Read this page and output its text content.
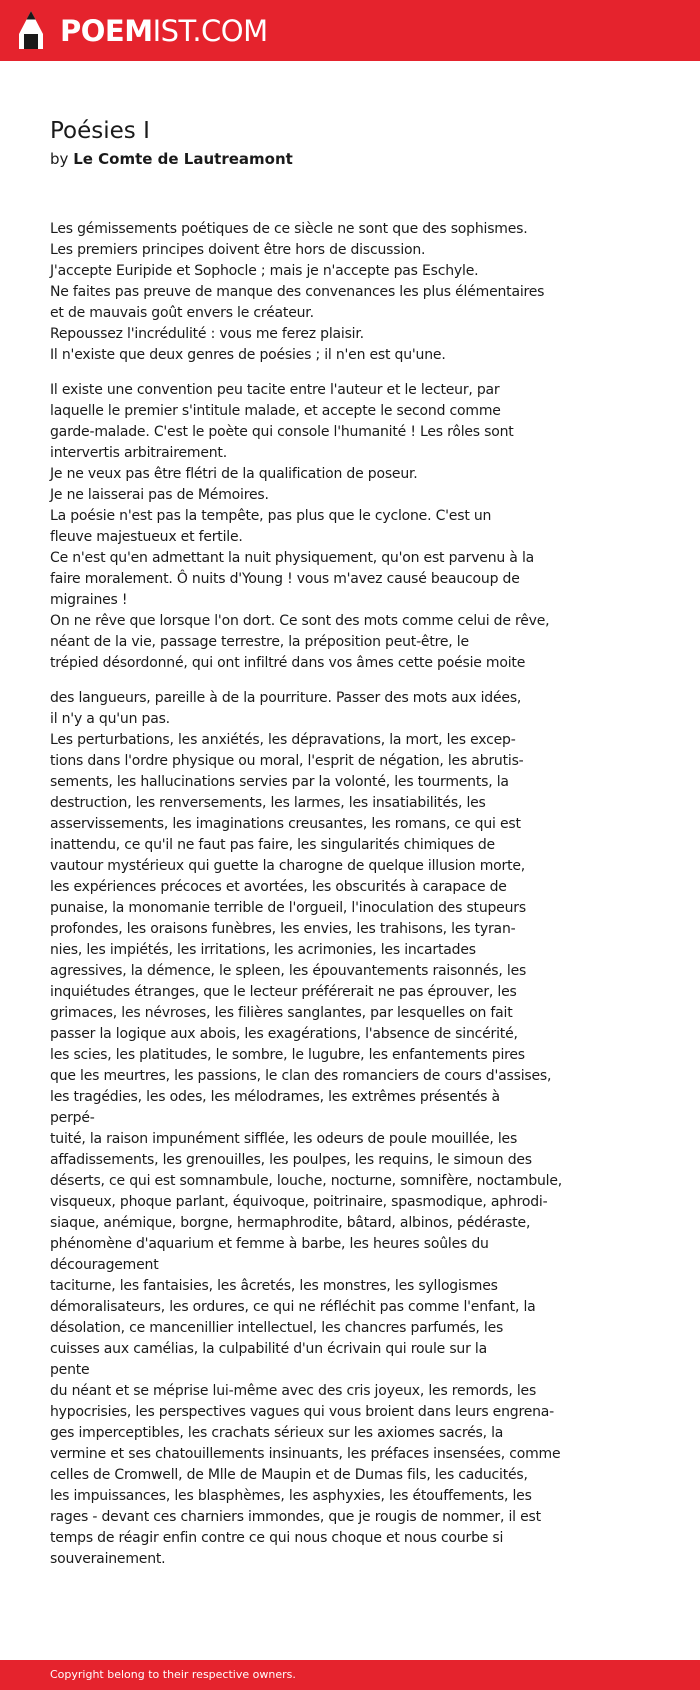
POEMIST.COM
Poésies I
by Le Comte de Lautreamont
Les gémissements poétiques de ce siècle ne sont que des sophismes.
Les premiers principes doivent être hors de discussion.
J'accepte Euripide et Sophocle ; mais je n'accepte pas Eschyle.
Ne faites pas preuve de manque des convenances les plus élémentaires
et de mauvais goût envers le créateur.
Repoussez l'incrédulité : vous me ferez plaisir.
Il n'existe que deux genres de poésies ; il n'en est qu'une.
Il existe une convention peu tacite entre l'auteur et le lecteur, par
laquelle le premier s'intitule malade, et accepte le second comme
garde-malade. C'est le poète qui console l'humanité ! Les rôles sont
intervertis arbitrairement.
Je ne veux pas être flétri de la qualification de poseur.
Je ne laisserai pas de Mémoires.
La poésie n'est pas la tempête, pas plus que le cyclone. C'est un
fleuve majestueux et fertile.
Ce n'est qu'en admettant la nuit physiquement, qu'on est parvenu à la
faire moralement. Ô nuits d'Young ! vous m'avez causé beaucoup de
migraines !
On ne rêve que lorsque l'on dort. Ce sont des mots comme celui de rêve,
néant de la vie, passage terrestre, la préposition peut-être, le
trépied désordonné, qui ont infiltré dans vos âmes cette poésie moite
des langueurs, pareille à de la pourriture. Passer des mots aux idées,
il n'y a qu'un pas.
Les perturbations, les anxiétés, les dépravations, la mort, les excep-
tions dans l'ordre physique ou moral, l'esprit de négation, les abrutis-
sements, les hallucinations servies par la volonté, les tourments, la
destruction, les renversements, les larmes, les insatiabilités, les
asservissements, les imaginations creusantes, les romans, ce qui est
inattendu, ce qu'il ne faut pas faire, les singularités chimiques de
vautour mystérieux qui guette la charogne de quelque illusion morte,
les expériences précoces et avortées, les obscurités à carapace de
punaise, la monomanie terrible de l'orgueil, l'inoculation des stupeurs
profondes, les oraisons funèbres, les envies, les trahisons, les tyran-
nies, les impiétés, les irritations, les acrimonies, les incartades
agressives, la démence, le spleen, les épouvantements raisonnés, les
inquiétudes étranges, que le lecteur préférerait ne pas éprouver, les
grimaces, les névroses, les filières sanglantes, par lesquelles on fait
passer la logique aux abois, les exagérations, l'absence de sincérité,
les scies, les platitudes, le sombre, le lugubre, les enfantements pires
que les meurtres, les passions, le clan des romanciers de cours d'assises,
les tragédies, les odes, les mélodrames, les extrêmes présentés à
perpé-
tuité, la raison impunément sifflée, les odeurs de poule mouillée, les
affadissements, les grenouilles, les poulpes, les requins, le simoun des
déserts, ce qui est somnambule, louche, nocturne, somnifère, noctambule,
visqueux, phoque parlant, équivoque, poitrinaire, spasmodique, aphrodi-
siaque, anémique, borgne, hermaphrodite, bâtard, albinos, pédéraste,
phénomène d'aquarium et femme à barbe, les heures soûles du
découragement
taciturne, les fantaisies, les âcretés, les monstres, les syllogismes
démoralisateurs, les ordures, ce qui ne réfléchit pas comme l'enfant, la
désolation, ce mancenillier intellectuel, les chancres parfumés, les
cuisses aux camélias, la culpabilité d'un écrivain qui roule sur la
pente
du néant et se méprise lui-même avec des cris joyeux, les remords, les
hypocrisies, les perspectives vagues qui vous broient dans leurs engrena-
ges imperceptibles, les crachats sérieux sur les axiomes sacrés, la
vermine et ses chatouillements insinuants, les préfaces insensées, comme
celles de Cromwell, de Mlle de Maupin et de Dumas fils, les caducités,
les impuissances, les blasphèmes, les asphyxies, les étouffements, les
rages - devant ces charniers immondes, que je rougis de nommer, il est
temps de réagir enfin contre ce qui nous choque et nous courbe si
souverainement.
Copyright belong to their respective owners.
